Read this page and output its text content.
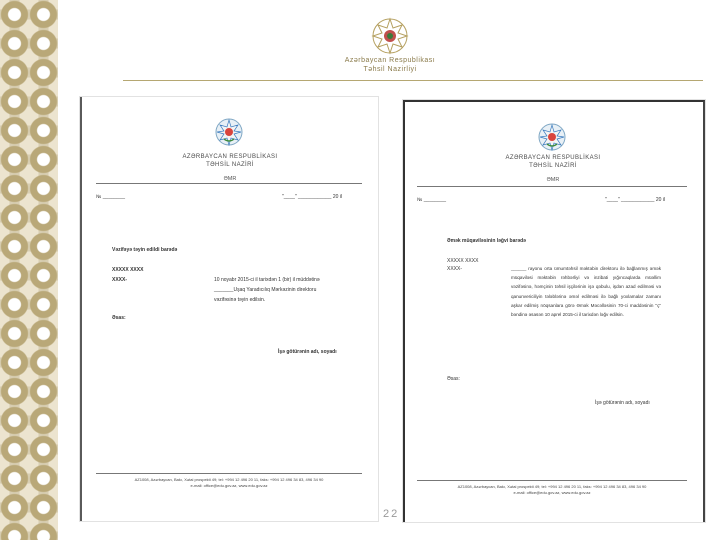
Azərbaycan Respublikası
Təhsil Nazirliyi
AZƏRBAYCAN RESPUBLİKASI
TƏHSİL NAZİRİ
ƏMR
№ ________	"____" ____________ 20 il
Vəzifəyə təyin edildi barədə
XXXXX XXXX
XXXX-	10 noyabr 2015-ci il tarixdən 1 (bir) il müddətinə
_______Uşaq Yaradıcılıq Mərkəzinin direktoru
vəzifəsinə təyin edilsin.
Əsas:
İşə götürənin adı, soyadı
AZ1008, Azərbaycan, Bakı, Xətai prospekti 49; tel: +994 12 496 20 11, faks: +994 12 496 34 83, 496 34 90
e-mail: office@edu.gov.az, www.edu.gov.az
AZƏRBAYCAN RESPUBLİKASI
TƏHSİL NAZİRİ
ƏMR
№ ________	"____" ____________ 20 il
Əmək müqaviləsinin ləğvi barədə
XXXXX XXXX
XXXX-	______ rayonu orta ümumtəhsil məktəbin direktoru ilə bağlanmış əmək müqaviləsi məktəbin rəhbərliyi və inzibati yığıncaqlarda müəllim vəzifəsinə, həmçinin təhsil işçilərinin işə qəbulu, işdən azad edilməsi və qanunvericiliyin tələblərinə əməl edilməsi ilə bağlı yoxlamalar zamanı aşkar edilmiş nöqsanlara görə Əmək Məcəlləsinin 70-ci maddəsinin "ç" bəndinə əsasən 10 aprel 2015-ci il tarixdən ləğv edilsin.
Əsas:
İşə götürənin adı, soyadı
AZ1008, Azərbaycan, Bakı, Xətai prospekti 49; tel: +994 12 496 20 11, faks: +994 12 496 34 83, 496 34 90
e-mail: office@edu.gov.az, www.edu.gov.az
22
